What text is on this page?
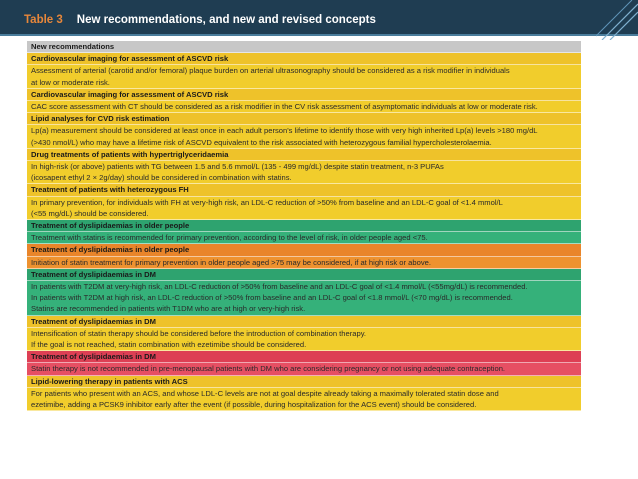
Table 3 New recommendations, and new and revised concepts
New recommendations
Cardiovascular imaging for assessment of ASCVD risk
Assessment of arterial (carotid and/or femoral) plaque burden on arterial ultrasonography should be considered as a risk modifier in individuals
at low or moderate risk.
Cardiovascular imaging for assessment of ASCVD risk
CAC score assessment with CT should be considered as a risk modifier in the CV risk assessment of asymptomatic individuals at low or moderate risk.
Lipid analyses for CVD risk estimation
Lp(a) measurement should be considered at least once in each adult person's lifetime to identify those with very high inherited Lp(a) levels >180 mg/dL
(>430 nmol/L) who may have a lifetime risk of ASCVD equivalent to the risk associated with heterozygous familial hypercholesterolaemia.
Drug treatments of patients with hypertriglyceridaemia
In high-risk (or above) patients with TG between 1.5 and 5.6 mmol/L (135 - 499 mg/dL) despite statin treatment, n-3 PUFAs
(icosapent ethyl 2 × 2g/day) should be considered in combination with statins.
Treatment of patients with heterozygous FH
In primary prevention, for individuals with FH at very-high risk, an LDL-C reduction of >50% from baseline and an LDL-C goal of <1.4 mmol/L
(<55 mg/dL) should be considered.
Treatment of dyslipidaemias in older people
Treatment with statins is recommended for primary prevention, according to the level of risk, in older people aged <75.
Treatment of dyslipidaemias in older people
Initiation of statin treatment for primary prevention in older people aged >75 may be considered, if at high risk or above.
Treatment of dyslipidaemias in DM
In patients with T2DM at very-high risk, an LDL-C reduction of >50% from baseline and an LDL-C goal of <1.4 mmol/L (<55mg/dL) is recommended.
In patients with T2DM at high risk, an LDL-C reduction of >50% from baseline and an LDL-C goal of <1.8 mmol/L (<70 mg/dL) is recommended.
Statins are recommended in patients with T1DM who are at high or very-high risk.
Treatment of dyslipidaemias in DM
Intensification of statin therapy should be considered before the introduction of combination therapy.
If the goal is not reached, statin combination with ezetimibe should be considered.
Treatment of dyslipidaemias in DM
Statin therapy is not recommended in pre-menopausal patients with DM who are considering pregnancy or not using adequate contraception.
Lipid-lowering therapy in patients with ACS
For patients who present with an ACS, and whose LDL-C levels are not at goal despite already taking a maximally tolerated statin dose and
ezetimibe, adding a PCSK9 inhibitor early after the event (if possible, during hospitalization for the ACS event) should be considered.
